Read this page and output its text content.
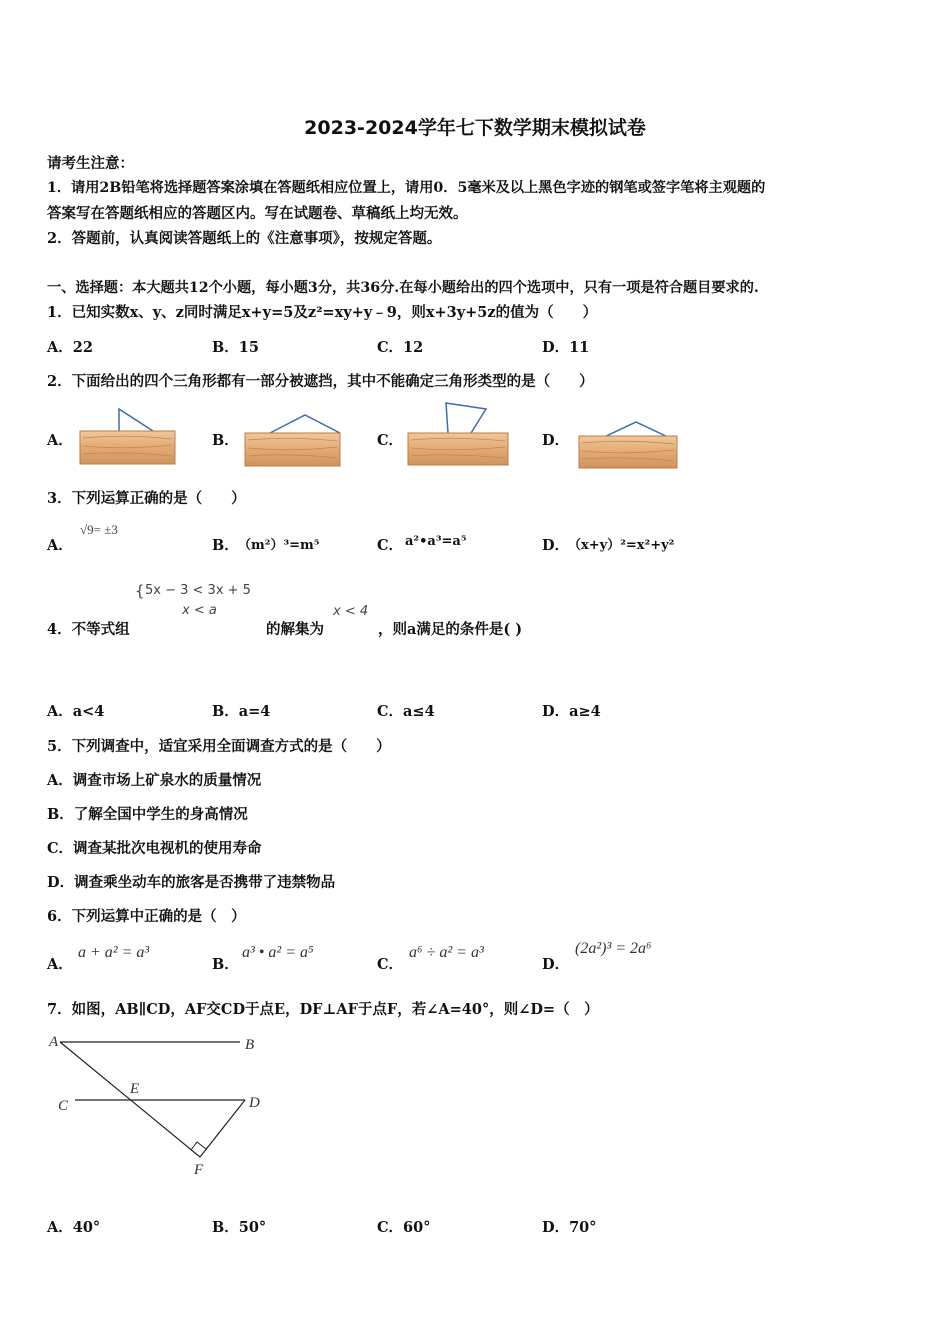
2023-2024学年七下数学期末模拟试卷
请考生注意：
1．请用2B铅笔将选择题答案涂填在答题纸相应位置上，请用0．5毫米及以上黑色字迹的钢笔或签字笔将主观题的
答案写在答题纸相应的答题区内。写在试题卷、草稿纸上均无效。
2．答题前，认真阅读答题纸上的《注意事项》，按规定答题。
一、选择题：本大题共12个小题，每小题3分，共36分.在每小题给出的四个选项中，只有一项是符合题目要求的.
1．已知实数x、y、z同时满足x+y=5及z²=xy+y﹣9，则x+3y+5z的值为（　　）
A．22	B．15	C．12	D．11
2．下面给出的四个三角形都有一部分被遮挡，其中不能确定三角形类型的是（　　）
A．	B．	C．	D．
3．下列运算正确的是（　　）
A．
√9= ±3
B． （m²）³=m⁵	C． a²•a³=a⁵	D．
（x+y）²=x²+y²
4．不等式组
{ 5x − 3 < 3x + 5
x < a
的解集为
x < 4
，则a满足的条件是( )
A．a<4	B．a=4	C．a≤4	D．a≥4
5．下列调查中，适宜采用全面调查方式的是（　　）
A．调查市场上矿泉水的质量情况
B．了解全国中学生的身高情况
C．调查某批次电视机的使用寿命
D．调查乘坐动车的旅客是否携带了违禁物品
6．下列运算中正确的是（　）
A．
a + a² = a³
B．
a³ • a² = a⁵
C．
a⁶ ÷ a² = a³
D．
(2a²)³ = 2a⁶
7．如图，AB∥CD，AF交CD于点E，DF⊥AF于点F，若∠A=40°，则∠D=（　）
A	B
C	D
E
F
A．40°	B．50°	C．60°	D．70°
